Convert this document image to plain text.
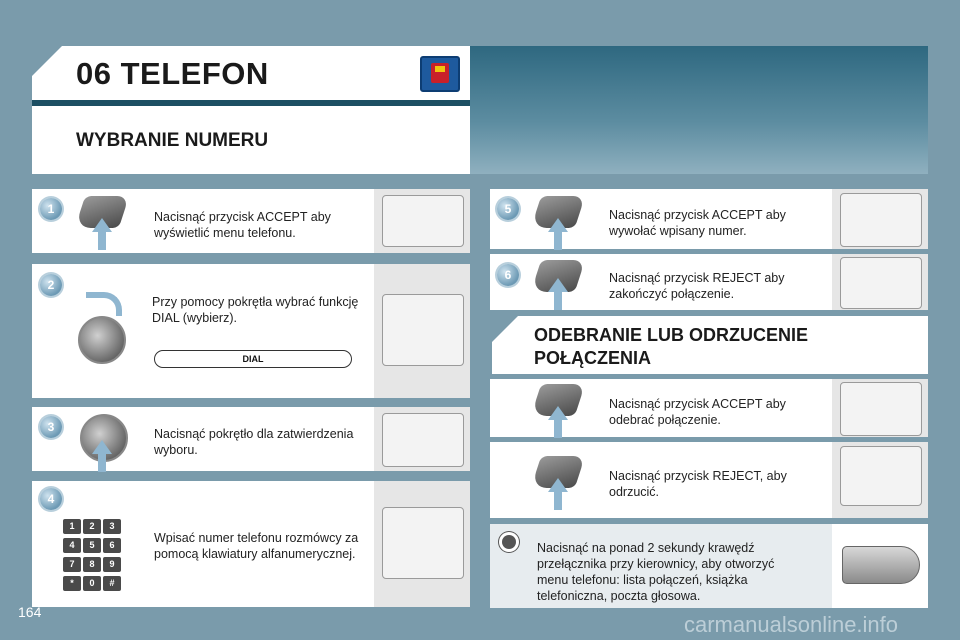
06 TELEFON
WYBRANIE NUMERU
1
Nacisnąć przycisk ACCEPT aby wyświetlić menu telefonu.
2
Przy pomocy pokrętła wybrać funkcję DIAL (wybierz).
DIAL
3	Nacisnąć pokrętło dla zatwierdzenia wyboru.
4
1 2 34 5 67 8 9* 0 #
Wpisać numer telefonu rozmówcy za pomocą klawiatury alfanumerycznej.
5	Nacisnąć przycisk ACCEPT aby wywołać wpisany numer.
6	Nacisnąć przycisk REJECT aby zakończyć połączenie.
ODEBRANIE LUB ODRZUCENIE
POŁĄCZENIA
Nacisnąć przycisk ACCEPT aby odebrać połączenie.
Nacisnąć przycisk REJECT, aby odrzucić.
Nacisnąć na ponad 2 sekundy krawędź przełącznika przy kierownicy, aby otworzyć menu telefonu: lista połączeń, książka telefoniczna, poczta głosowa.
164	carmanualsonline.info
